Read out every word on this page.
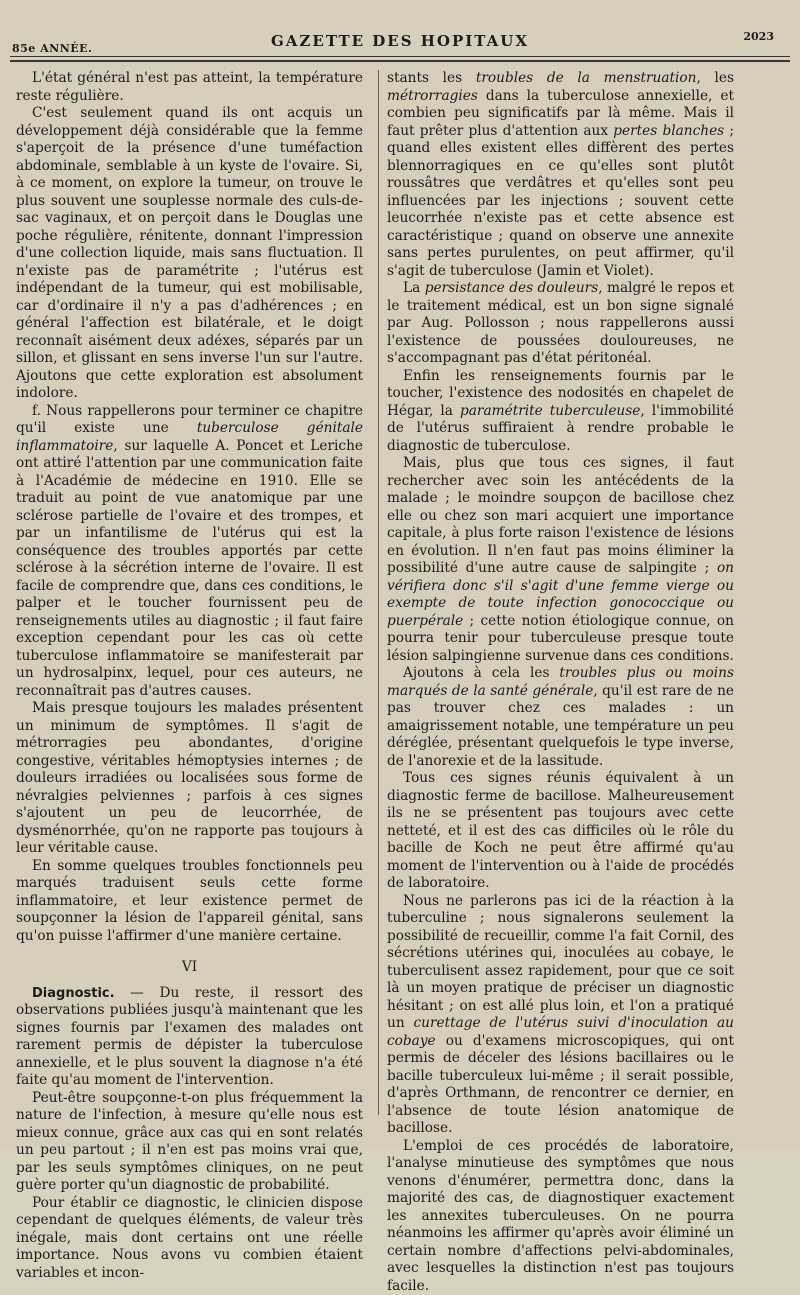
85e ANNÉE.	GAZETTE DES HOPITAUX	2023

L'état général n'est pas atteint, la température reste régulière.

C'est seulement quand ils ont acquis un développement déjà considérable que la femme s'aperçoit de la présence d'une tuméfaction abdominale, semblable à un kyste de l'ovaire. Si, à ce moment, on explore la tumeur, on trouve le plus souvent une souplesse normale des culs-de-sac vaginaux, et on perçoit dans le Douglas une poche régulière, rénitente, donnant l'impression d'une collection liquide, mais sans fluctuation. Il n'existe pas de paramétrite ; l'utérus est indépendant de la tumeur, qui est mobilisable, car d'ordinaire il n'y a pas d'adhérences ; en général l'affection est bilatérale, et le doigt reconnaît aisément deux adéxes, séparés par un sillon, et glissant en sens inverse l'un sur l'autre. Ajoutons que cette exploration est absolument indolore.

f. Nous rappellerons pour terminer ce chapitre qu'il existe une tuberculose génitale inflammatoire, sur laquelle A. Poncet et Leriche ont attiré l'attention par une communication faite à l'Académie de médecine en 1910. Elle se traduit au point de vue anatomique par une sclérose partielle de l'ovaire et des trompes, et par un infantilisme de l'utérus qui est la conséquence des troubles apportés par cette sclérose à la sécrétion interne de l'ovaire. Il est facile de comprendre que, dans ces conditions, le palper et le toucher fournissent peu de renseignements utiles au diagnostic ; il faut faire exception cependant pour les cas où cette tuberculose inflammatoire se manifesterait par un hydrosalpinx, lequel, pour ces auteurs, ne reconnaîtrait pas d'autres causes.

Mais presque toujours les malades présentent un minimum de symptômes. Il s'agit de métrorragies peu abondantes, d'origine congestive, véritables hémoptysies internes ; de douleurs irradiées ou localisées sous forme de névralgies pelviennes ; parfois à ces signes s'ajoutent un peu de leucorrhée, de dysménorrhée, qu'on ne rapporte pas toujours à leur véritable cause.

En somme quelques troubles fonctionnels peu marqués traduisent seuls cette forme inflammatoire, et leur existence permet de soupçonner la lésion de l'appareil génital, sans qu'on puisse l'affirmer d'une manière certaine.

VI

Diagnostic. — Du reste, il ressort des observations publiées jusqu'à maintenant que les signes fournis par l'examen des malades ont rarement permis de dépister la tuberculose annexielle, et le plus souvent la diagnose n'a été faite qu'au moment de l'intervention.

Peut-être soupçonne-t-on plus fréquemment la nature de l'infection, à mesure qu'elle nous est mieux connue, grâce aux cas qui en sont relatés un peu partout ; il n'en est pas moins vrai que, par les seuls symptômes cliniques, on ne peut guère porter qu'un diagnostic de probabilité.

Pour établir ce diagnostic, le clinicien dispose cependant de quelques éléments, de valeur très inégale, mais dont certains ont une réelle importance. Nous avons vu combien étaient variables et incon-

stants les troubles de la menstruation, les métrorragies dans la tuberculose annexielle, et combien peu significatifs par là même. Mais il faut prêter plus d'attention aux pertes blanches ; quand elles existent elles diffèrent des pertes blennorragiques en ce qu'elles sont plutôt roussâtres que verdâtres et qu'elles sont peu influencées par les injections ; souvent cette leucorrhée n'existe pas et cette absence est caractéristique ; quand on observe une annexite sans pertes purulentes, on peut affirmer, qu'il s'agit de tuberculose (Jamin et Violet).

La persistance des douleurs, malgré le repos et le traitement médical, est un bon signe signalé par Aug. Pollosson ; nous rappellerons aussi l'existence de poussées douloureuses, ne s'accompagnant pas d'état péritonéal.

Enfin les renseignements fournis par le toucher, l'existence des nodosités en chapelet de Hégar, la paramétrite tuberculeuse, l'immobilité de l'utérus suffiraient à rendre probable le diagnostic de tuberculose.

Mais, plus que tous ces signes, il faut rechercher avec soin les antécédents de la malade ; le moindre soupçon de bacillose chez elle ou chez son mari acquiert une importance capitale, à plus forte raison l'existence de lésions en évolution. Il n'en faut pas moins éliminer la possibilité d'une autre cause de salpingite ; on vérifiera donc s'il s'agit d'une femme vierge ou exempte de toute infection gonococcique ou puerpérale ; cette notion étiologique connue, on pourra tenir pour tuberculeuse presque toute lésion salpingienne survenue dans ces conditions.

Ajoutons à cela les troubles plus ou moins marqués de la santé générale, qu'il est rare de ne pas trouver chez ces malades : un amaigrissement notable, une température un peu déréglée, présentant quelquefois le type inverse, de l'anorexie et de la lassitude.

Tous ces signes réunis équivalent à un diagnostic ferme de bacillose. Malheureusement ils ne se présentent pas toujours avec cette netteté, et il est des cas difficiles où le rôle du bacille de Koch ne peut être affirmé qu'au moment de l'intervention ou à l'aide de procédés de laboratoire.

Nous ne parlerons pas ici de la réaction à la tuberculine ; nous signalerons seulement la possibilité de recueillir, comme l'a fait Cornil, des sécrétions utérines qui, inoculées au cobaye, le tuberculisent assez rapidement, pour que ce soit là un moyen pratique de préciser un diagnostic hésitant ; on est allé plus loin, et l'on a pratiqué un curettage de l'utérus suivi d'inoculation au cobaye ou d'examens microscopiques, qui ont permis de déceler des lésions bacillaires ou le bacille tuberculeux lui-même ; il serait possible, d'après Orthmann, de rencontrer ce dernier, en l'absence de toute lésion anatomique de bacillose.

L'emploi de ces procédés de laboratoire, l'analyse minutieuse des symptômes que nous venons d'énumérer, permettra donc, dans la majorité des cas, de diagnostiquer exactement les annexites tuberculeuses. On ne pourra néanmoins les affirmer qu'après avoir éliminé un certain nombre d'affections pelvi-abdominales, avec lesquelles la distinction n'est pas toujours facile.
